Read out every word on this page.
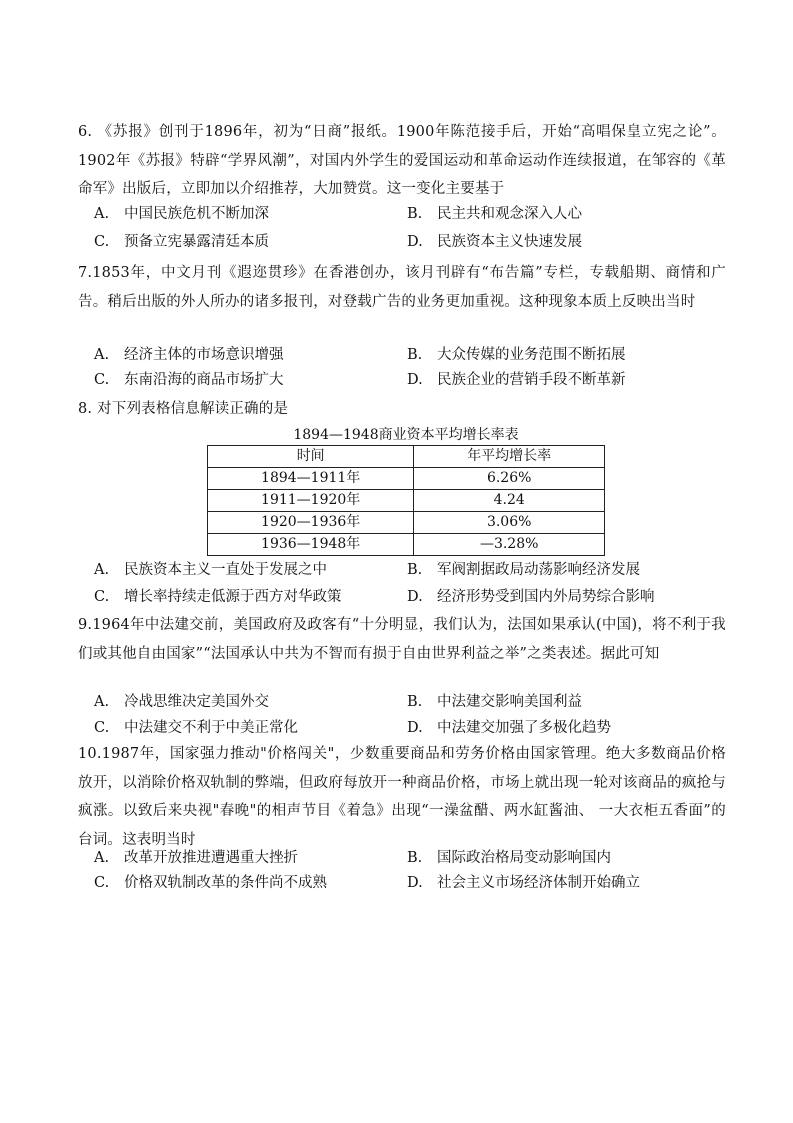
6. 《苏报》创刊于1896年，初为“日商”报纸。1900年陈范接手后，开始“高唱保皇立宪之论”。1902年《苏报》特辟“学界风潮”，对国内外学生的爱国运动和革命运动作连续报道，在邹容的《革命军》出版后，立即加以介绍推荐，大加赞赏。这一变化主要基于
A. 中国民族危机不断加深	B. 民主共和观念深入人心
C. 预备立宪暴露清廷本质	D. 民族资本主义快速发展
7.1853年，中文月刊《遐迩贯珍》在香港创办，该月刊辟有“布告篇”专栏，专载船期、商情和广告。稍后出版的外人所办的诸多报刊，对登载广告的业务更加重视。这种现象本质上反映出当时
A. 经济主体的市场意识增强	B. 大众传媒的业务范围不断拓展
C. 东南沿海的商品市场扩大	D. 民族企业的营销手段不断革新
8. 对下列表格信息解读正确的是
1894—1948商业资本平均增长率表
时间	年平均增长率
1894—1911年	6.26%
1911—1920年	4.24
1920—1936年	3.06%
1936—1948年	—3.28%
A. 民族资本主义一直处于发展之中	B. 军阀割据政局动荡影响经济发展
C. 增长率持续走低源于西方对华政策	D. 经济形势受到国内外局势综合影响
9.1964年中法建交前，美国政府及政客有“十分明显，我们认为，法国如果承认(中国)，将不利于我们或其他自由国家”“法国承认中共为不智而有损于自由世界利益之举”之类表述。据此可知
A. 冷战思维决定美国外交	B. 中法建交影响美国利益
C. 中法建交不利于中美正常化	D. 中法建交加强了多极化趋势
10.1987年，国家强力推动"价格闯关"，少数重要商品和劳务价格由国家管理。绝大多数商品价格放开，以消除价格双轨制的弊端，但政府每放开一种商品价格，市场上就出现一轮对该商品的疯抢与疯涨。以致后来央视"春晚"的相声节目《着急》出现“一澡盆醋、两水缸酱油、 一大衣柜五香面”的台词。这表明当时
A. 改革开放推进遭遇重大挫折	B. 国际政治格局变动影响国内
C. 价格双轨制改革的条件尚不成熟	D. 社会主义市场经济体制开始确立
